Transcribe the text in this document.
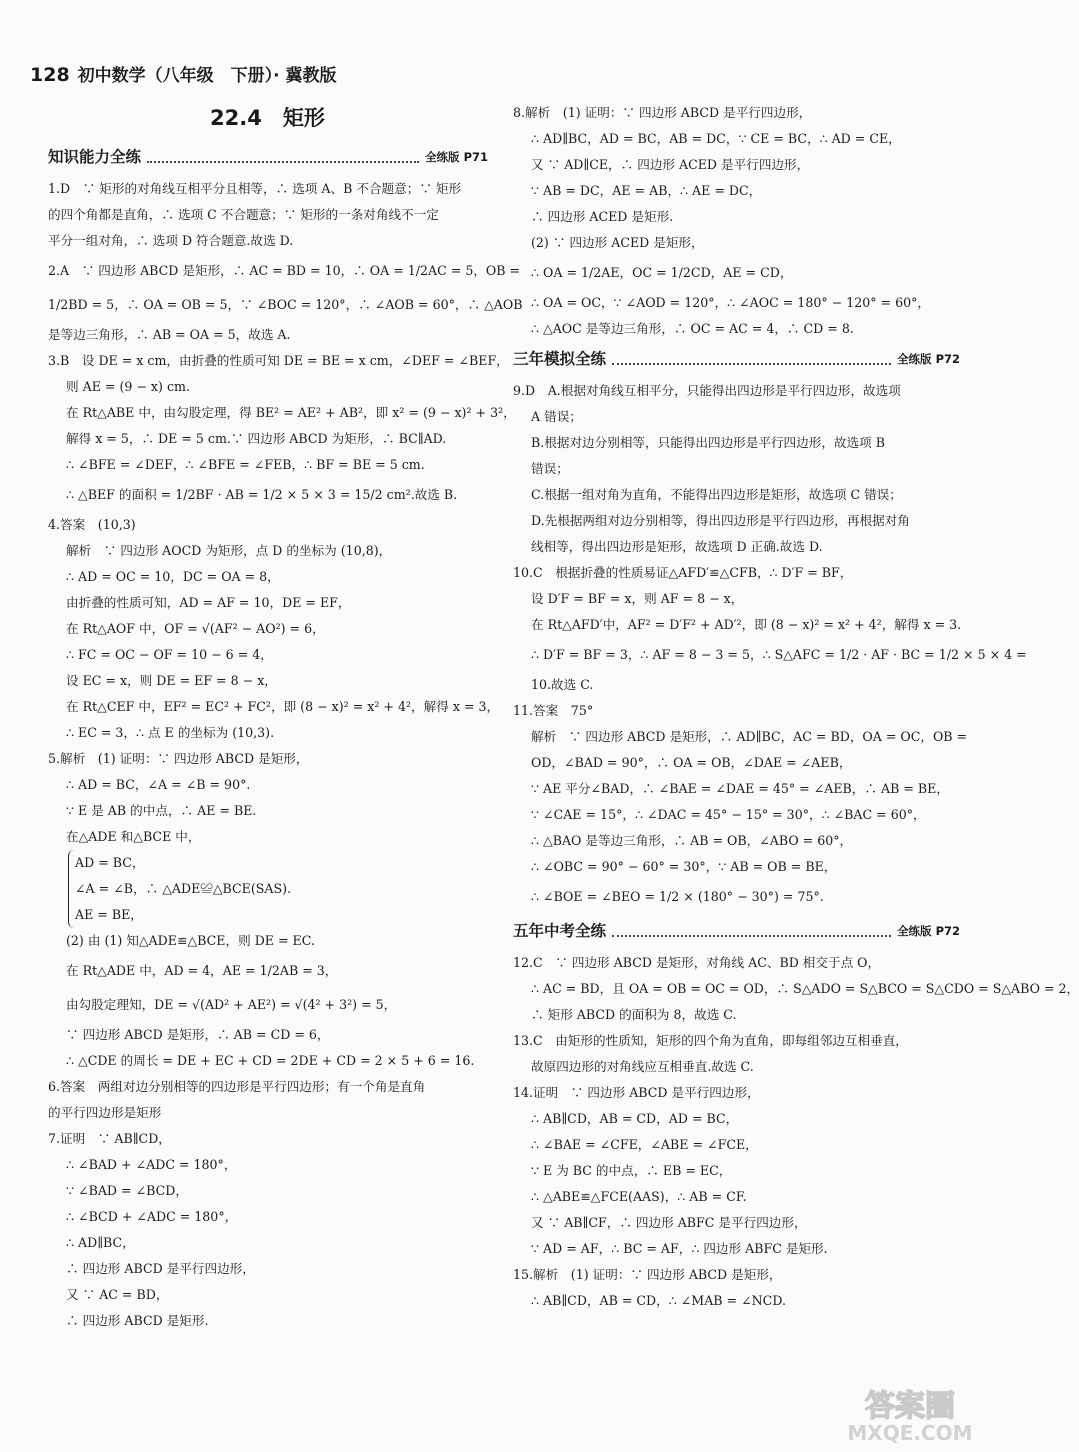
128 初中数学（八年级　下册）· 冀教版
22.4　矩形
知识能力全练	全练版 P71

1.D　∵ 矩形的对角线互相平分且相等，∴ 选项 A、B 不合题意；∵ 矩形

的四个角都是直角，∴ 选项 C 不合题意；∵ 矩形的一条对角线不一定

平分一组对角，∴ 选项 D 符合题意.故选 D.

2.A　∵ 四边形 ABCD 是矩形，∴ AC = BD = 10，∴ OA = 1/2AC = 5，OB =

1/2BD = 5，∴ OA = OB = 5，∵ ∠BOC = 120°，∴ ∠AOB = 60°，∴ △AOB

是等边三角形，∴ AB = OA = 5，故选 A.

3.B　设 DE = x cm，由折叠的性质可知 DE = BE = x cm，∠DEF = ∠BEF，

则 AE = (9 − x) cm.

在 Rt△ABE 中，由勾股定理，得 BE² = AE² + AB²，即 x² = (9 − x)² + 3²，

解得 x = 5，∴ DE = 5 cm.∵ 四边形 ABCD 为矩形，∴ BC∥AD.

∴ ∠BFE = ∠DEF，∴ ∠BFE = ∠FEB，∴ BF = BE = 5 cm.

∴ △BEF 的面积 = 1/2BF · AB = 1/2 × 5 × 3 = 15/2 cm².故选 B.

4.答案　(10,3)

解析　∵ 四边形 AOCD 为矩形，点 D 的坐标为 (10,8)，

∴ AD = OC = 10，DC = OA = 8，

由折叠的性质可知，AD = AF = 10，DE = EF，

在 Rt△AOF 中，OF = √(AF² − AO²) = 6，

∴ FC = OC − OF = 10 − 6 = 4，

设 EC = x，则 DE = EF = 8 − x，

在 Rt△CEF 中，EF² = EC² + FC²，即 (8 − x)² = x² + 4²，解得 x = 3，

∴ EC = 3，∴ 点 E 的坐标为 (10,3).

5.解析　(1) 证明：∵ 四边形 ABCD 是矩形，

∴ AD = BC，∠A = ∠B = 90°.

∵ E 是 AB 的中点，∴ AE = BE.

在△ADE 和△BCE 中，

AD = BC，

∠A = ∠B，∴ △ADE≌△BCE(SAS).

AE = BE，

(2) 由 (1) 知△ADE≌△BCE，则 DE = EC.

在 Rt△ADE 中，AD = 4，AE = 1/2AB = 3，

由勾股定理知，DE = √(AD² + AE²) = √(4² + 3²) = 5，

∵ 四边形 ABCD 是矩形，∴ AB = CD = 6，

∴ △CDE 的周长 = DE + EC + CD = 2DE + CD = 2 × 5 + 6 = 16.

6.答案　两组对边分别相等的四边形是平行四边形；有一个角是直角

的平行四边形是矩形

7.证明　∵ AB∥CD，

∴ ∠BAD + ∠ADC = 180°，

∵ ∠BAD = ∠BCD，

∴ ∠BCD + ∠ADC = 180°，

∴ AD∥BC，

∴ 四边形 ABCD 是平行四边形，

又 ∵ AC = BD，

∴ 四边形 ABCD 是矩形.

8.解析　(1) 证明：∵ 四边形 ABCD 是平行四边形，

∴ AD∥BC，AD = BC，AB = DC，∵ CE = BC，∴ AD = CE，

又 ∵ AD∥CE，∴ 四边形 ACED 是平行四边形，

∵ AB = DC，AE = AB，∴ AE = DC，

∴ 四边形 ACED 是矩形.

(2) ∵ 四边形 ACED 是矩形，

∴ OA = 1/2AE，OC = 1/2CD，AE = CD，

∴ OA = OC，∵ ∠AOD = 120°，∴ ∠AOC = 180° − 120° = 60°，

∴ △AOC 是等边三角形，∴ OC = AC = 4，∴ CD = 8.

三年模拟全练	全练版 P72

9.D　A.根据对角线互相平分，只能得出四边形是平行四边形，故选项

A 错误；

B.根据对边分别相等，只能得出四边形是平行四边形，故选项 B

错误；

C.根据一组对角为直角，不能得出四边形是矩形，故选项 C 错误；

D.先根据两组对边分别相等，得出四边形是平行四边形，再根据对角

线相等，得出四边形是矩形，故选项 D 正确.故选 D.

10.C　根据折叠的性质易证△AFD′≌△CFB，∴ D′F = BF，

设 D′F = BF = x，则 AF = 8 − x，

在 Rt△AFD′中，AF² = D′F² + AD′²，即 (8 − x)² = x² + 4²，解得 x = 3.

∴ D′F = BF = 3，∴ AF = 8 − 3 = 5，∴ S△AFC = 1/2 · AF · BC = 1/2 × 5 × 4 =

10.故选 C.

11.答案　75°

解析　∵ 四边形 ABCD 是矩形，∴ AD∥BC，AC = BD，OA = OC，OB =

OD，∠BAD = 90°，∴ OA = OB，∠DAE = ∠AEB，

∵ AE 平分∠BAD，∴ ∠BAE = ∠DAE = 45° = ∠AEB，∴ AB = BE，

∵ ∠CAE = 15°，∴ ∠DAC = 45° − 15° = 30°，∴ ∠BAC = 60°，

∴ △BAO 是等边三角形，∴ AB = OB，∠ABO = 60°，

∴ ∠OBC = 90° − 60° = 30°，∵ AB = OB = BE，

∴ ∠BOE = ∠BEO = 1/2 × (180° − 30°) = 75°.

五年中考全练	全练版 P72

12.C　∵ 四边形 ABCD 是矩形，对角线 AC、BD 相交于点 O，

∴ AC = BD，且 OA = OB = OC = OD，∴ S△ADO = S△BCO = S△CDO = S△ABO = 2，

∴ 矩形 ABCD 的面积为 8，故选 C.

13.C　由矩形的性质知，矩形的四个角为直角，即每组邻边互相垂直，

故原四边形的对角线应互相垂直.故选 C.

14.证明　∵ 四边形 ABCD 是平行四边形，

∴ AB∥CD，AB = CD，AD = BC，

∴ ∠BAE = ∠CFE，∠ABE = ∠FCE，

∵ E 为 BC 的中点，∴ EB = EC，

∴ △ABE≌△FCE(AAS)，∴ AB = CF.

又 ∵ AB∥CF，∴ 四边形 ABFC 是平行四边形，

∵ AD = AF，∴ BC = AF，∴ 四边形 ABFC 是矩形.

15.解析　(1) 证明：∵ 四边形 ABCD 是矩形，

∴ AB∥CD，AB = CD，∴ ∠MAB = ∠NCD.

答案圈
MXQE.COM
